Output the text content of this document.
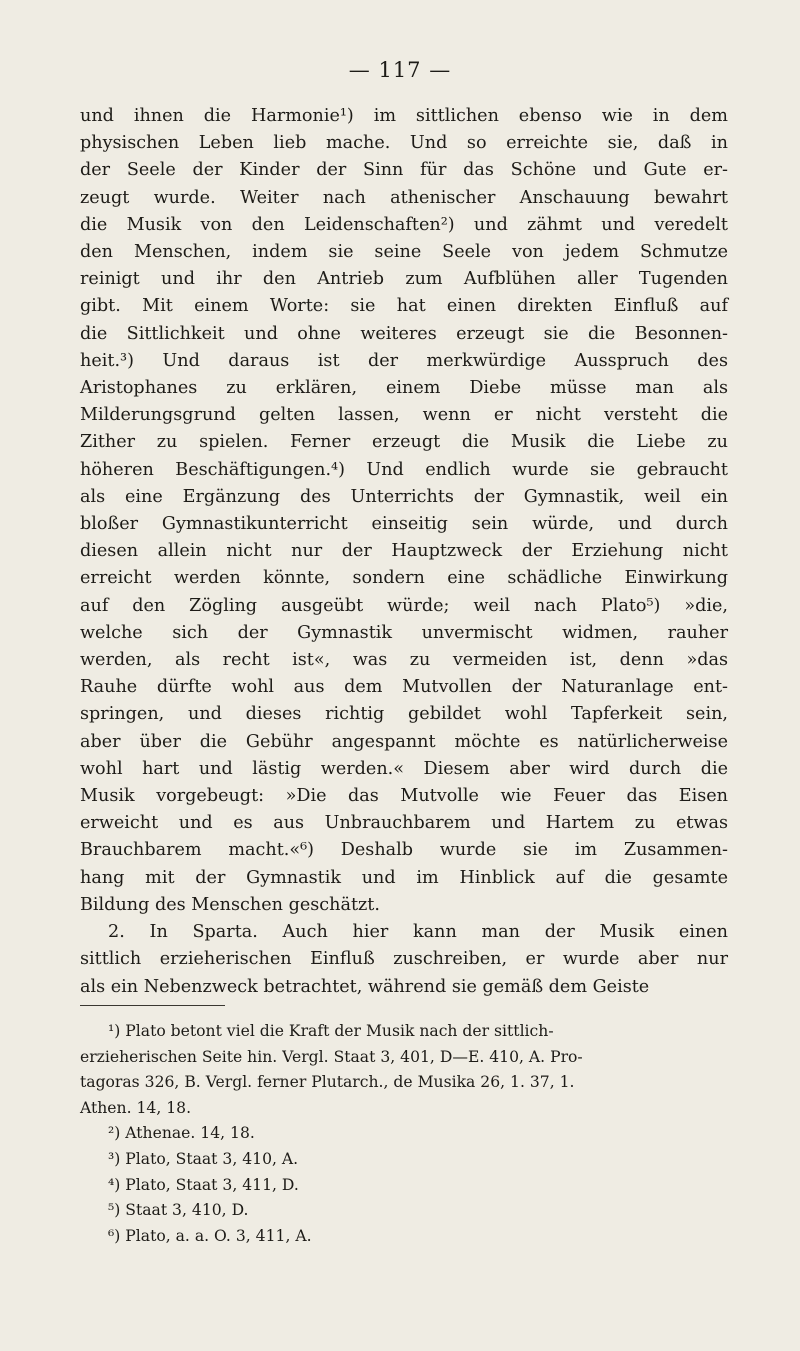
— 117 —
und ihnen die Harmonie¹) im sittlichen ebenso wie in dem
physischen Leben lieb mache. Und so erreichte sie, daß in
der Seele der Kinder der Sinn für das Schöne und Gute er-
zeugt wurde. Weiter nach athenischer Anschauung bewahrt
die Musik von den Leidenschaften²) und zähmt und veredelt
den Menschen, indem sie seine Seele von jedem Schmutze
reinigt und ihr den Antrieb zum Aufblühen aller Tugenden
gibt. Mit einem Worte: sie hat einen direkten Einfluß auf
die Sittlichkeit und ohne weiteres erzeugt sie die Besonnen-
heit.³) Und daraus ist der merkwürdige Ausspruch des
Aristophanes zu erklären, einem Diebe müsse man als
Milderungsgrund gelten lassen, wenn er nicht versteht die
Zither zu spielen. Ferner erzeugt die Musik die Liebe zu
höheren Beschäftigungen.⁴) Und endlich wurde sie gebraucht
als eine Ergänzung des Unterrichts der Gymnastik, weil ein
bloßer Gymnastikunterricht einseitig sein würde, und durch
diesen allein nicht nur der Hauptzweck der Erziehung nicht
erreicht werden könnte, sondern eine schädliche Einwirkung
auf den Zögling ausgeübt würde; weil nach Plato⁵) »die,
welche sich der Gymnastik unvermischt widmen, rauher
werden, als recht ist«, was zu vermeiden ist, denn »das
Rauhe dürfte wohl aus dem Mutvollen der Naturanlage ent-
springen, und dieses richtig gebildet wohl Tapferkeit sein,
aber über die Gebühr angespannt möchte es natürlicherweise
wohl hart und lästig werden.« Diesem aber wird durch die
Musik vorgebeugt: »Die das Mutvolle wie Feuer das Eisen
erweicht und es aus Unbrauchbarem und Hartem zu etwas
Brauchbarem macht.«⁶) Deshalb wurde sie im Zusammen-
hang mit der Gymnastik und im Hinblick auf die gesamte
Bildung des Menschen geschätzt.
2. In Sparta. Auch hier kann man der Musik einen
sittlich erzieherischen Einfluß zuschreiben, er wurde aber nur
als ein Nebenzweck betrachtet, während sie gemäß dem Geiste
¹) Plato betont viel die Kraft der Musik nach der sittlich-
erzieherischen Seite hin. Vergl. Staat 3, 401, D—E. 410, A. Pro-
tagoras 326, B. Vergl. ferner Plutarch., de Musika 26, 1. 37, 1.
Athen. 14, 18.
²) Athenae. 14, 18.
³) Plato, Staat 3, 410, A.
⁴) Plato, Staat 3, 411, D.
⁵) Staat 3, 410, D.
⁶) Plato, a. a. O. 3, 411, A.
